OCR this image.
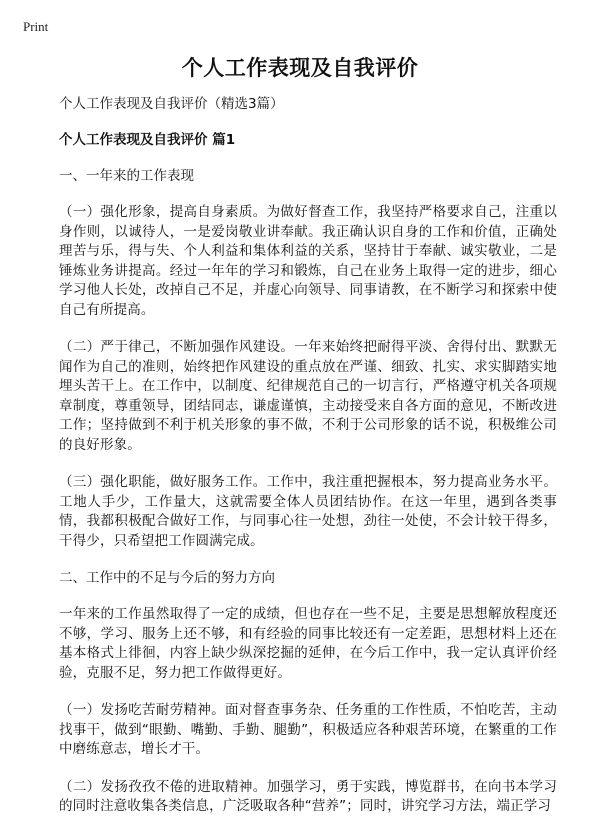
Print
个人工作表现及自我评价
个人工作表现及自我评价（精选3篇）
个人工作表现及自我评价 篇1
一、一年来的工作表现

（一）强化形象，提高自身素质。为做好督查工作，我坚持严格要求自己，注重以身作则，以诚待人，一是爱岗敬业讲奉献。我正确认识自身的工作和价值，正确处理苦与乐，得与失、个人利益和集体利益的关系，坚持甘于奉献、诚实敬业，二是锤炼业务讲提高。经过一年年的学习和锻炼，自己在业务上取得一定的进步，细心学习他人长处，改掉自己不足，并虚心向领导、同事请教，在不断学习和探索中使自己有所提高。

（二）严于律己，不断加强作风建设。一年来始终把耐得平淡、舍得付出、默默无闻作为自己的准则，始终把作风建设的重点放在严谨、细致、扎实、求实脚踏实地埋头苦干上。在工作中，以制度、纪律规范自己的一切言行，严格遵守机关各项规章制度，尊重领导，团结同志，谦虚谨慎，主动接受来自各方面的意见，不断改进工作；坚持做到不利于机关形象的事不做，不利于公司形象的话不说，积极维公司的良好形象。

（三）强化职能，做好服务工作。工作中，我注重把握根本，努力提高业务水平。工地人手少，工作量大，这就需要全体人员团结协作。在这一年里，遇到各类事情，我都积极配合做好工作，与同事心往一处想，劲往一处使，不会计较干得多，干得少，只希望把工作圆满完成。

二、工作中的不足与今后的努力方向

一年来的工作虽然取得了一定的成绩，但也存在一些不足，主要是思想解放程度还不够，学习、服务上还不够，和有经验的同事比较还有一定差距，思想材料上还在基本格式上徘徊，内容上缺少纵深挖掘的延伸，在今后工作中，我一定认真评价经验，克服不足，努力把工作做得更好。

（一）发扬吃苦耐劳精神。面对督查事务杂、任务重的工作性质，不怕吃苦，主动找事干，做到“眼勤、嘴勤、手勤、腿勤”，积极适应各种艰苦环境，在繁重的工作中磨练意志，增长才干。

（二）发扬孜孜不倦的进取精神。加强学习，勇于实践，博览群书，在向书本学习的同时注意收集各类信息，广泛吸取各种“营养”；同时，讲究学习方法，端正学习
